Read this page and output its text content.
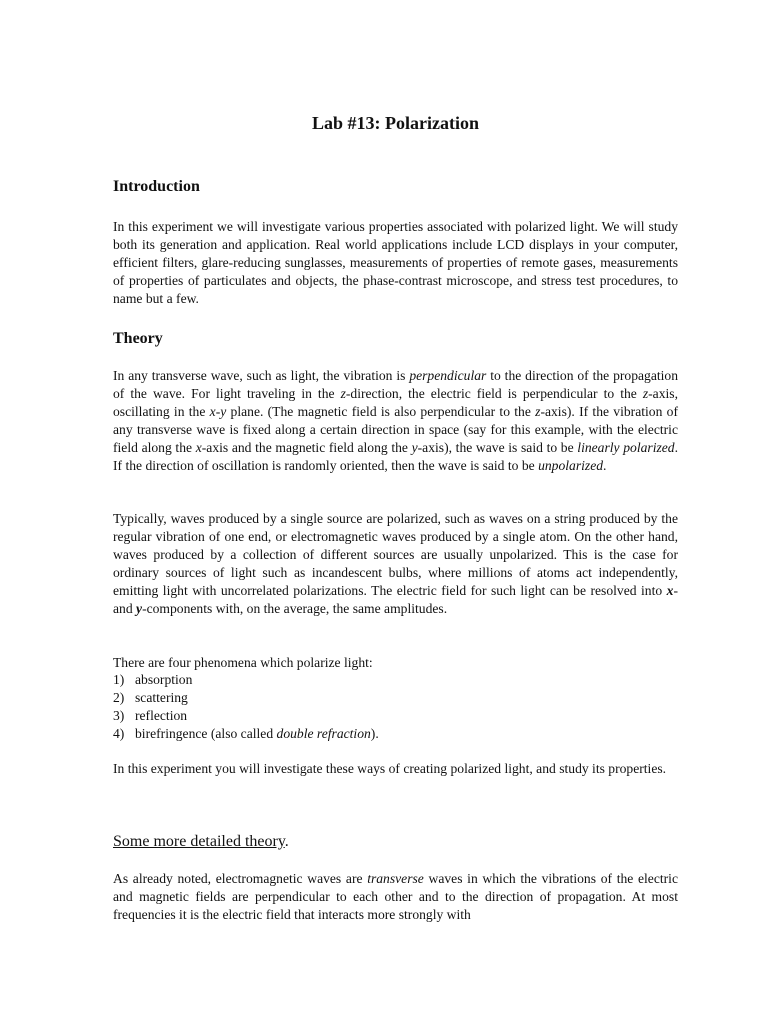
Lab #13: Polarization
Introduction

In this experiment we will investigate various properties associated with polarized light. We will study both its generation and application. Real world applications include LCD displays in your computer, efficient filters, glare-reducing sunglasses, measurements of properties of remote gases, measurements of properties of particulates and objects, the phase-contrast microscope, and stress test procedures, to name but a few.

Theory

In any transverse wave, such as light, the vibration is perpendicular to the direction of the propagation of the wave. For light traveling in the z-direction, the electric field is perpendicular to the z-axis, oscillating in the x-y plane. (The magnetic field is also perpendicular to the z-axis). If the vibration of any transverse wave is fixed along a certain direction in space (say for this example, with the electric field along the x-axis and the magnetic field along the y-axis), the wave is said to be linearly polarized. If the direction of oscillation is randomly oriented, then the wave is said to be unpolarized.

Typically, waves produced by a single source are polarized, such as waves on a string produced by the regular vibration of one end, or electromagnetic waves produced by a single atom. On the other hand, waves produced by a collection of different sources are usually unpolarized. This is the case for ordinary sources of light such as incandescent bulbs, where millions of atoms act independently, emitting light with uncorrelated polarizations. The electric field for such light can be resolved into x- and y-components with, on the average, the same amplitudes.

There are four phenomena which polarize light:

1) absorption
2) scattering
3) reflection
4) birefringence (also called double refraction).

In this experiment you will investigate these ways of creating polarized light, and study its properties.

Some more detailed theory.

As already noted, electromagnetic waves are transverse waves in which the vibrations of the electric and magnetic fields are perpendicular to each other and to the direction of propagation. At most frequencies it is the electric field that interacts more strongly with
